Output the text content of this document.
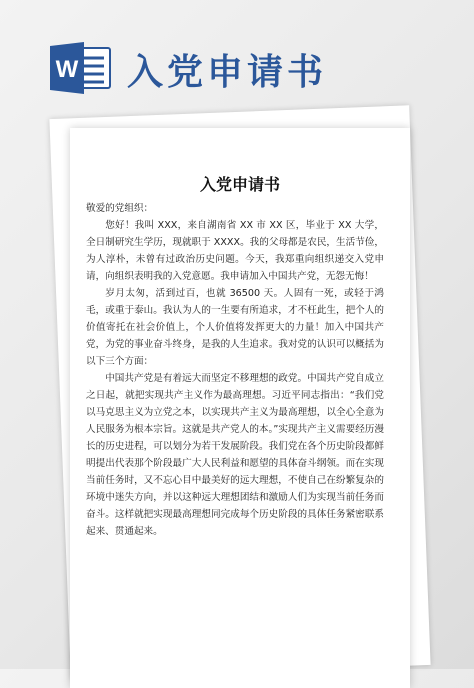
W 入党申请书
入党申请书

敬爱的党组织：

您好！我叫 XXX，来自湖南省 XX 市 XX 区，毕业于 XX 大学，全日制研究生学历，现就职于 XXXX。我的父母都是农民，生活节俭，为人淳朴，未曾有过政治历史问题。今天，我郑重向组织递交入党申请，向组织表明我的入党意愿。我申请加入中国共产党，无怨无悔！

岁月太匆，活到过百，也就 36500 天。人固有一死，或轻于鸿毛，或重于泰山。我认为人的一生要有所追求，才不枉此生，把个人的价值寄托在社会价值上，个人价值将发挥更大的力量！加入中国共产党，为党的事业奋斗终身，是我的人生追求。我对党的认识可以概括为以下三个方面：

中国共产党是有着远大而坚定不移理想的政党。中国共产党自成立之日起，就把实现共产主义作为最高理想。习近平同志指出：“我们党以马克思主义为立党之本，以实现共产主义为最高理想，以全心全意为人民服务为根本宗旨。这就是共产党人的本。”实现共产主义需要经历漫长的历史进程，可以划分为若干发展阶段。我们党在各个历史阶段都鲜明提出代表那个阶段最广大人民利益和愿望的具体奋斗纲领。而在实现当前任务时，又不忘心目中最美好的远大理想，不使自己在纷繁复杂的环境中迷失方向，并以这种远大理想团结和激励人们为实现当前任务而奋斗。这样就把实现最高理想同完成每个历史阶段的具体任务紧密联系起来、贯通起来。
